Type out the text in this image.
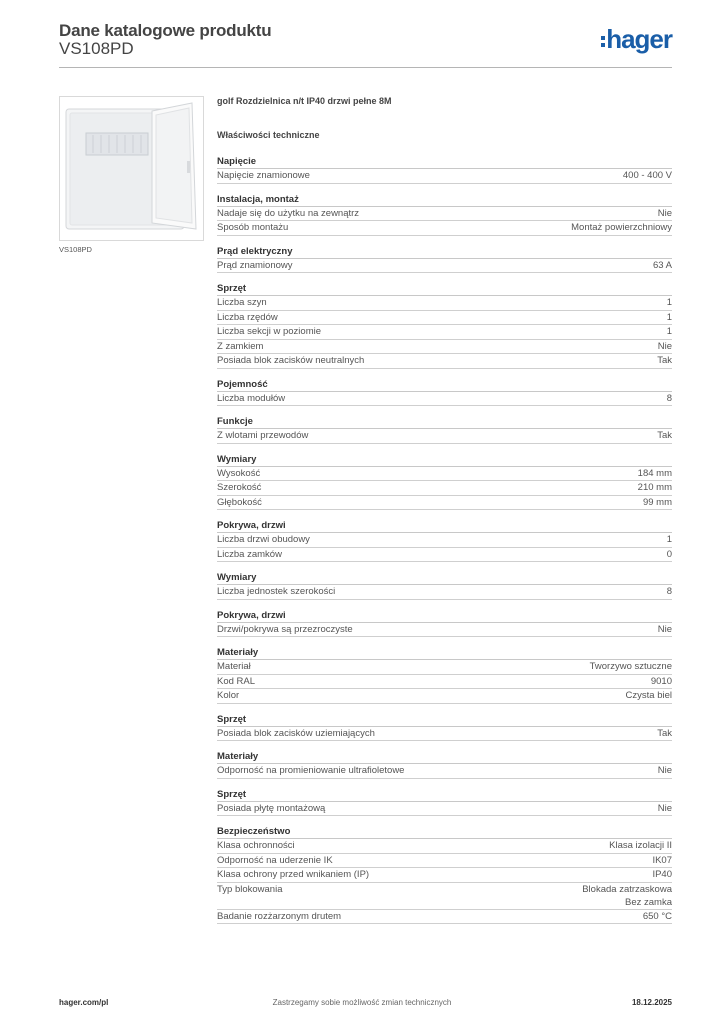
Dane katalogowe produktu
VS108PD	hager
VS108PD
golf Rozdzielnica n/t IP40 drzwi pełne 8M
Właściwości techniczne
Napięcie
Napięcie znamionowe	400 - 400 V
Instalacja, montaż
Nadaje się do użytku na zewnątrz	Nie
Sposób montażu	Montaż powierzchniowy
Prąd elektryczny
Prąd znamionowy	63 A
Sprzęt
Liczba szyn	1
Liczba rzędów	1
Liczba sekcji w poziomie	1
Z zamkiem	Nie
Posiada blok zacisków neutralnych	Tak
Pojemność
Liczba modułów	8
Funkcje
Z wlotami przewodów	Tak
Wymiary
Wysokość	184 mm
Szerokość	210 mm
Głębokość	99 mm
Pokrywa, drzwi
Liczba drzwi obudowy	1
Liczba zamków	0
Wymiary
Liczba jednostek szerokości	8
Pokrywa, drzwi
Drzwi/pokrywa są przezroczyste	Nie
Materiały
Materiał	Tworzywo sztuczne
Kod RAL	9010
Kolor	Czysta biel
Sprzęt
Posiada blok zacisków uziemiających	Tak
Materiały
Odporność na promieniowanie ultrafioletowe	Nie
Sprzęt
Posiada płytę montażową	Nie
Bezpieczeństwo
Klasa ochronności	Klasa izolacji II
Odporność na uderzenie IK	IK07
Klasa ochrony przed wnikaniem (IP)	IP40
Typ blokowania	Blokada zatrzaskowa
Bez zamka
Badanie rozżarzonym drutem	650 °C
hager.com/pl	Zastrzegamy sobie możliwość zmian technicznych	18.12.2025
